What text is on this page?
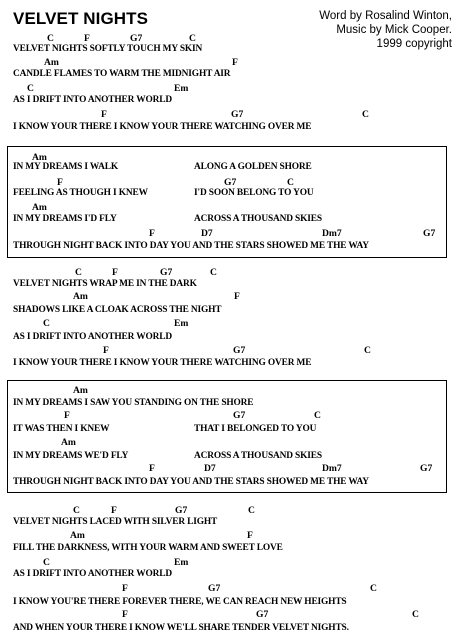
VELVET NIGHTS	Word by Rosalind Winton,
Music by Mick Cooper.
1999 copyright
C	F	G7	C
VELVET NIGHTS SOFTLY TOUCH MY SKIN
Am	F
CANDLE FLAMES TO WARM THE MIDNIGHT AIR
C	Em
AS I DRIFT INTO ANOTHER WORLD
F	G7	C
I KNOW YOUR THERE I KNOW YOUR THERE WATCHING OVER ME
Am
IN MY DREAMS I WALK	ALONG A GOLDEN SHORE
F	G7	C
FEELING AS THOUGH I KNEW	I'D SOON BELONG TO YOU
Am
IN MY DREAMS I'D FLY	ACROSS A THOUSAND SKIES
F	D7	Dm7	G7
THROUGH NIGHT BACK INTO DAY YOU AND THE STARS SHOWED ME THE WAY
C	F	G7	C
VELVET NIGHTS WRAP ME IN THE DARK
Am	F
SHADOWS LIKE A CLOAK ACROSS THE NIGHT
C	Em
AS I DRIFT INTO ANOTHER WORLD
F	G7	C
I KNOW YOUR THERE I KNOW YOUR THERE WATCHING OVER ME
Am
IN MY DREAMS I SAW YOU STANDING ON THE SHORE
F	G7	C
IT WAS THEN I KNEW	THAT I BELONGED TO YOU
Am
IN MY DREAMS WE'D FLY	ACROSS A THOUSAND SKIES
F	D7	Dm7	G7
THROUGH NIGHT BACK INTO DAY YOU AND THE STARS SHOWED ME THE WAY
C	F	G7	C
VELVET NIGHTS LACED WITH SILVER LIGHT
Am	F
FILL THE DARKNESS, WITH YOUR WARM AND SWEET LOVE
C	Em
AS I DRIFT INTO ANOTHER WORLD
F	G7	C
I KNOW YOU'RE THERE FOREVER THERE, WE CAN REACH NEW HEIGHTS
F	G7	C
AND WHEN YOUR THERE I KNOW WE'LL SHARE TENDER VELVET NIGHTS.
